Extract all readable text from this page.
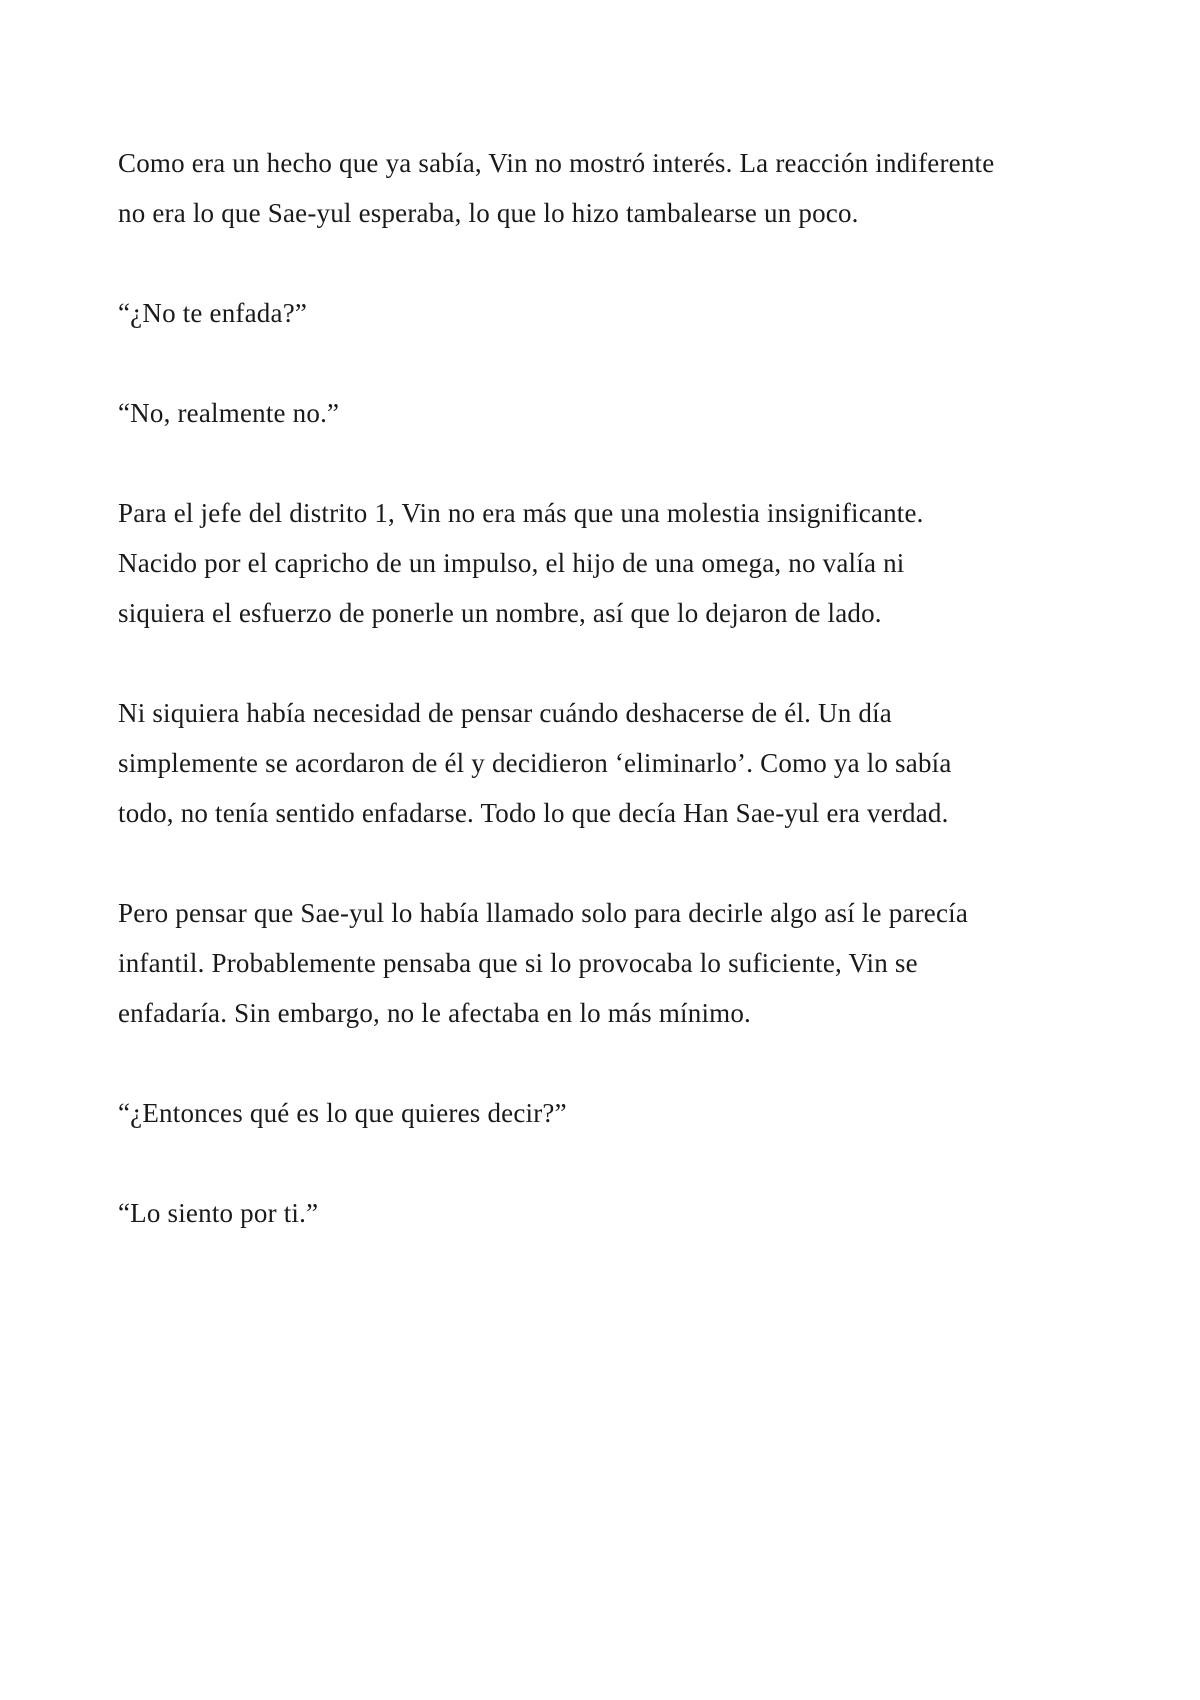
Como era un hecho que ya sabía, Vin no mostró interés. La reacción indiferente no era lo que Sae-yul esperaba, lo que lo hizo tambalearse un poco.

“¿No te enfada?”

“No, realmente no.”

Para el jefe del distrito 1, Vin no era más que una molestia insignificante. Nacido por el capricho de un impulso, el hijo de una omega, no valía ni siquiera el esfuerzo de ponerle un nombre, así que lo dejaron de lado.

Ni siquiera había necesidad de pensar cuándo deshacerse de él. Un día simplemente se acordaron de él y decidieron ‘eliminarlo’. Como ya lo sabía todo, no tenía sentido enfadarse. Todo lo que decía Han Sae-yul era verdad.

Pero pensar que Sae-yul lo había llamado solo para decirle algo así le parecía infantil. Probablemente pensaba que si lo provocaba lo suficiente, Vin se enfadaría. Sin embargo, no le afectaba en lo más mínimo.

“¿Entonces qué es lo que quieres decir?”

“Lo siento por ti.”
